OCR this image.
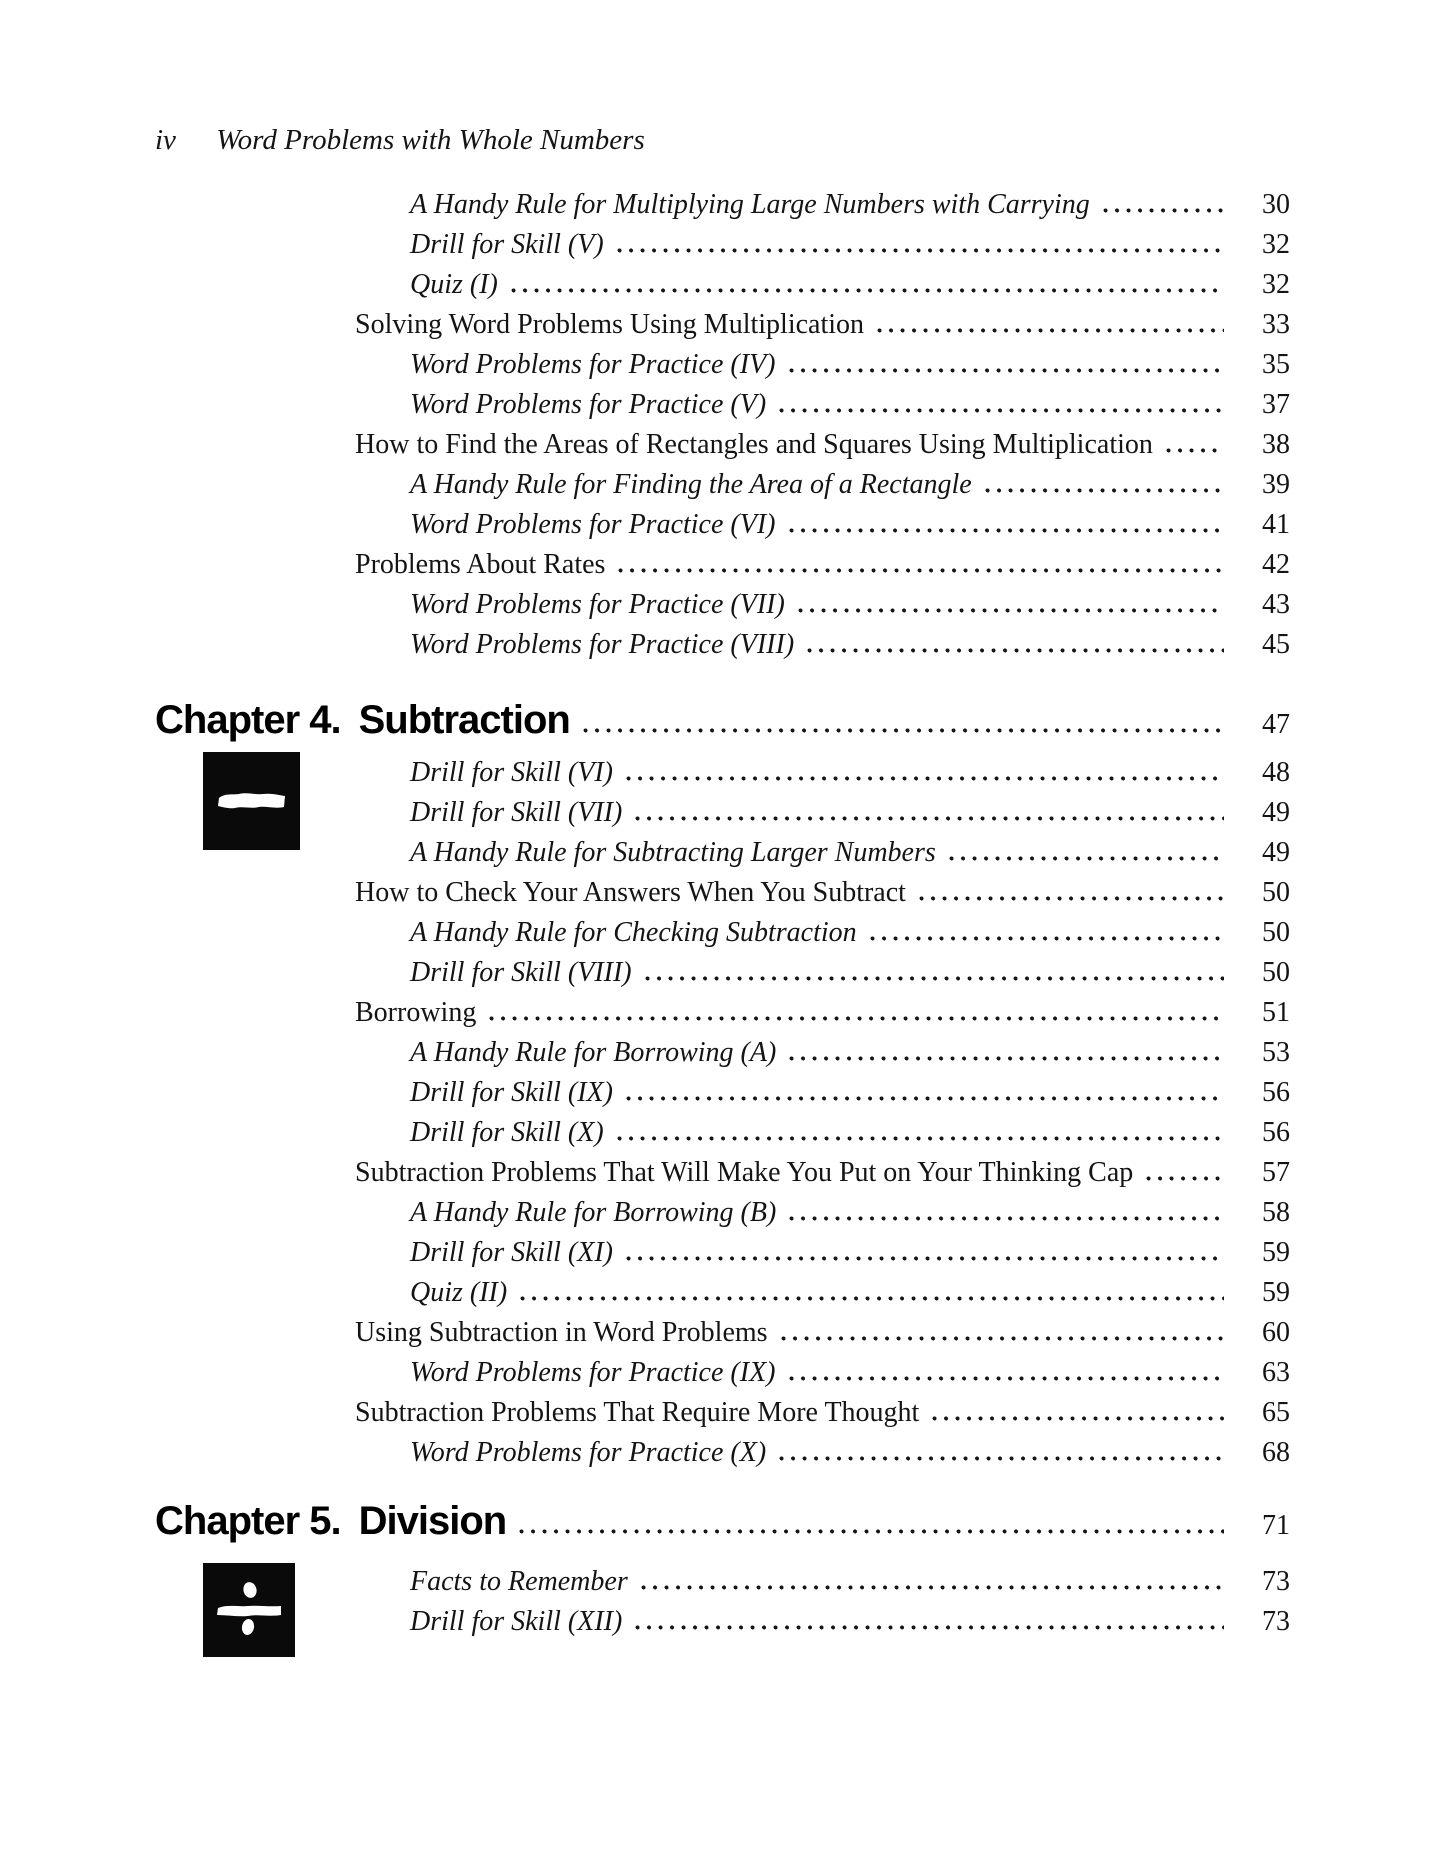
iv Word Problems with Whole Numbers
A Handy Rule for Multiplying Large Numbers with Carrying	30
Drill for Skill (V)	32
Quiz (I)	32
Solving Word Problems Using Multiplication	33
Word Problems for Practice (IV)	35
Word Problems for Practice (V)	37
How to Find the Areas of Rectangles and Squares Using Multiplication	38
A Handy Rule for Finding the Area of a Rectangle	39
Word Problems for Practice (VI)	41
Problems About Rates	42
Word Problems for Practice (VII)	43
Word Problems for Practice (VIII)	45
Chapter 4. Subtraction	47
Drill for Skill (VI)	48
Drill for Skill (VII)	49
A Handy Rule for Subtracting Larger Numbers	49
How to Check Your Answers When You Subtract	50
A Handy Rule for Checking Subtraction	50
Drill for Skill (VIII)	50
Borrowing	51
A Handy Rule for Borrowing (A)	53
Drill for Skill (IX)	56
Drill for Skill (X)	56
Subtraction Problems That Will Make You Put on Your Thinking Cap	57
A Handy Rule for Borrowing (B)	58
Drill for Skill (XI)	59
Quiz (II)	59
Using Subtraction in Word Problems	60
Word Problems for Practice (IX)	63
Subtraction Problems That Require More Thought	65
Word Problems for Practice (X)	68
Chapter 5. Division	71
Facts to Remember	73
Drill for Skill (XII)	73
